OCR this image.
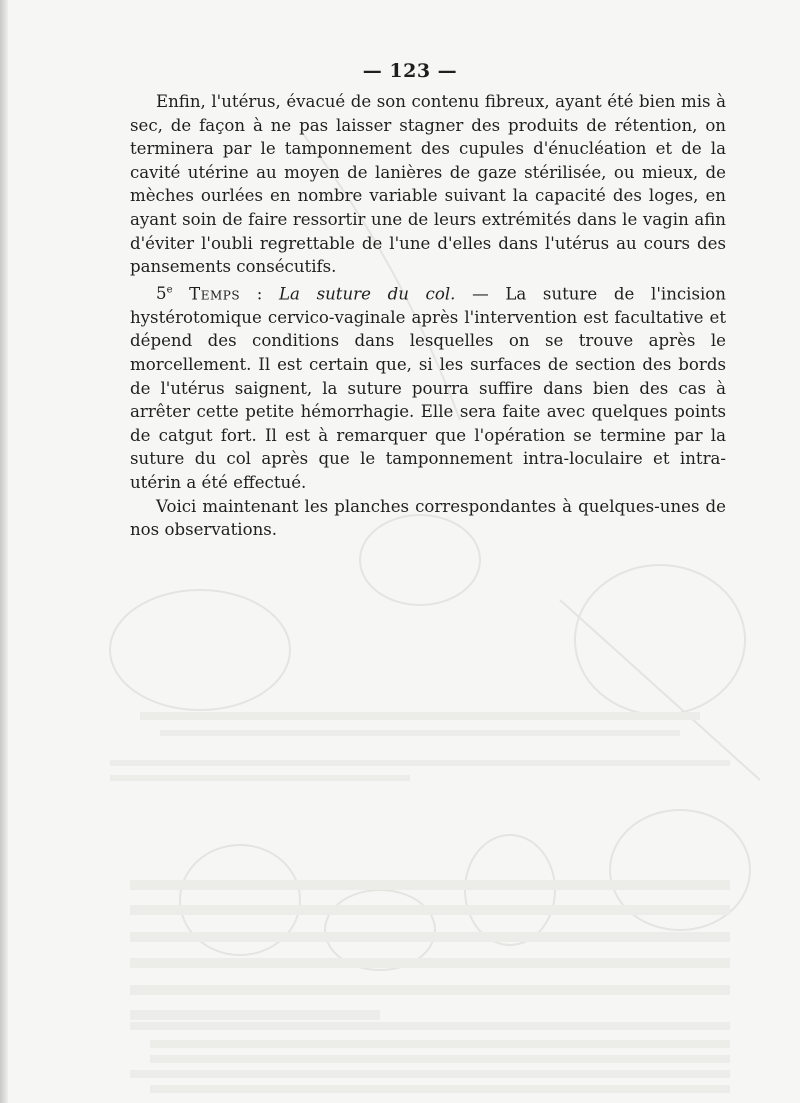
— 123 —

Enfin, l'utérus, évacué de son contenu fibreux, ayant été bien mis à sec, de façon à ne pas laisser stagner des produits de rétention, on terminera par le tamponnement des cupules d'énucléation et de la cavité utérine au moyen de lanières de gaze stérilisée, ou mieux, de mèches ourlées en nombre variable suivant la capacité des loges, en ayant soin de faire ressortir une de leurs extrémités dans le vagin afin d'éviter l'oubli regrettable de l'une d'elles dans l'utérus au cours des pansements consécutifs.

5e Temps : La suture du col. — La suture de l'incision hystérotomique cervico-vaginale après l'intervention est facultative et dépend des conditions dans lesquelles on se trouve après le morcellement. Il est certain que, si les surfaces de section des bords de l'utérus saignent, la suture pourra suffire dans bien des cas à arrêter cette petite hémorrhagie. Elle sera faite avec quelques points de catgut fort. Il est à remarquer que l'opération se termine par la suture du col après que le tamponnement intra-loculaire et intra-utérin a été effectué.

Voici maintenant les planches correspondantes à quelques-unes de nos observations.
